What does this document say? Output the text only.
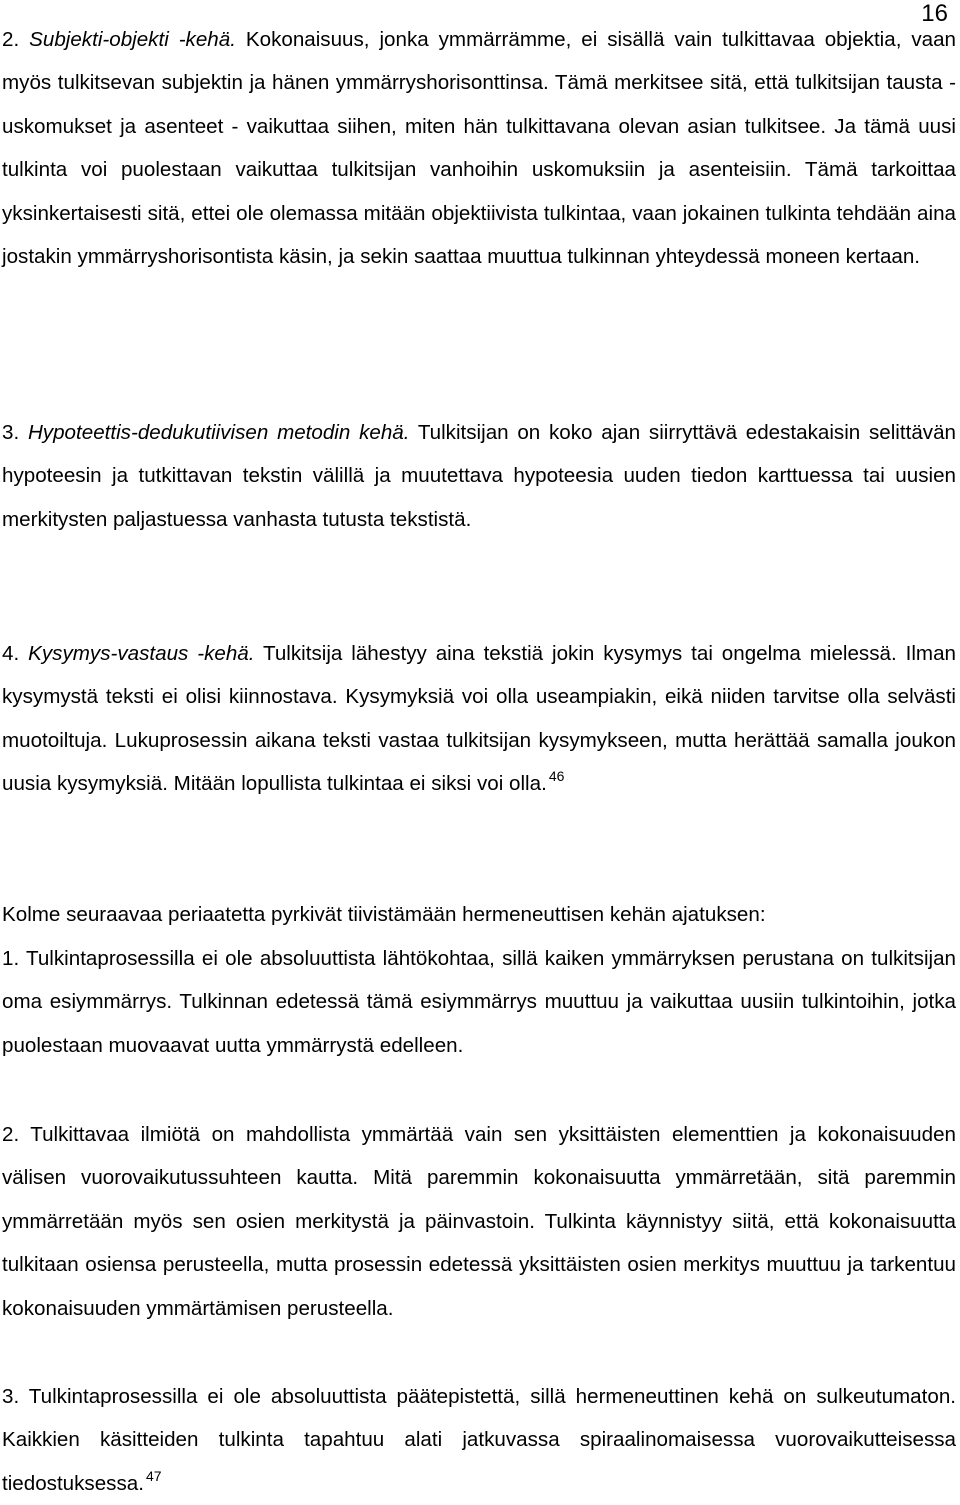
16

2. Subjekti-objekti -kehä. Kokonaisuus, jonka ymmärrämme, ei sisällä vain tulkittavaa objektia, vaan myös tulkitsevan subjektin ja hänen ymmärryshorisonttinsa. Tämä merkitsee sitä, että tulkitsijan tausta - uskomukset ja asenteet - vaikuttaa siihen, miten hän tulkittavana olevan asian tulkitsee. Ja tämä uusi tulkinta voi puolestaan vaikuttaa tulkitsijan vanhoihin uskomuksiin ja asenteisiin. Tämä tarkoittaa yksinkertaisesti sitä, ettei ole olemassa mitään objektiivista tulkintaa, vaan jokainen tulkinta tehdään aina jostakin ymmärryshorisontista käsin, ja sekin saattaa muuttua tulkinnan yhteydessä moneen kertaan.

3. Hypoteettis-dedukutiivisen metodin kehä. Tulkitsijan on koko ajan siirryttävä edestakaisin selittävän hypoteesin ja tutkittavan tekstin välillä ja muutettava hypoteesia uuden tiedon karttuessa tai uusien merkitysten paljastuessa vanhasta tutusta tekstistä.

4. Kysymys-vastaus -kehä. Tulkitsija lähestyy aina tekstiä jokin kysymys tai ongelma mielessä. Ilman kysymystä teksti ei olisi kiinnostava. Kysymyksiä voi olla useampiakin, eikä niiden tarvitse olla selvästi muotoiltuja. Lukuprosessin aikana teksti vastaa tulkitsijan kysymykseen, mutta herättää samalla joukon uusia kysymyksiä. Mitään lopullista tulkintaa ei siksi voi olla. $^{46}$

Kolme seuraavaa periaatetta pyrkivät tiivistämään hermeneuttisen kehän ajatuksen:

1. Tulkintaprosessilla ei ole absoluuttista lähtökohtaa, sillä kaiken ymmärryksen perustana on tulkitsijan oma esiymmärrys. Tulkinnan edetessä tämä esiymmärrys muuttuu ja vaikuttaa uusiin tulkintoihin, jotka puolestaan muovaavat uutta ymmärrystä edelleen.

2. Tulkittavaa ilmiötä on mahdollista ymmärtää vain sen yksittäisten elementtien ja kokonaisuuden välisen vuorovaikutussuhteen kautta. Mitä paremmin kokonaisuutta ymmärretään, sitä paremmin ymmärretään myös sen osien merkitystä ja päinvastoin. Tulkinta käynnistyy siitä, että kokonaisuutta tulkitaan osiensa perusteella, mutta prosessin edetessä yksittäisten osien merkitys muuttuu ja tarkentuu kokonaisuuden ymmärtämisen perusteella.

3. Tulkintaprosessilla ei ole absoluuttista päätepistettä, sillä hermeneuttinen kehä on sulkeutumaton. Kaikkien käsitteiden tulkinta tapahtuu alati jatkuvassa spiraalinomaisessa vuorovaikutteisessa tiedostuksessa. $^{47}$
